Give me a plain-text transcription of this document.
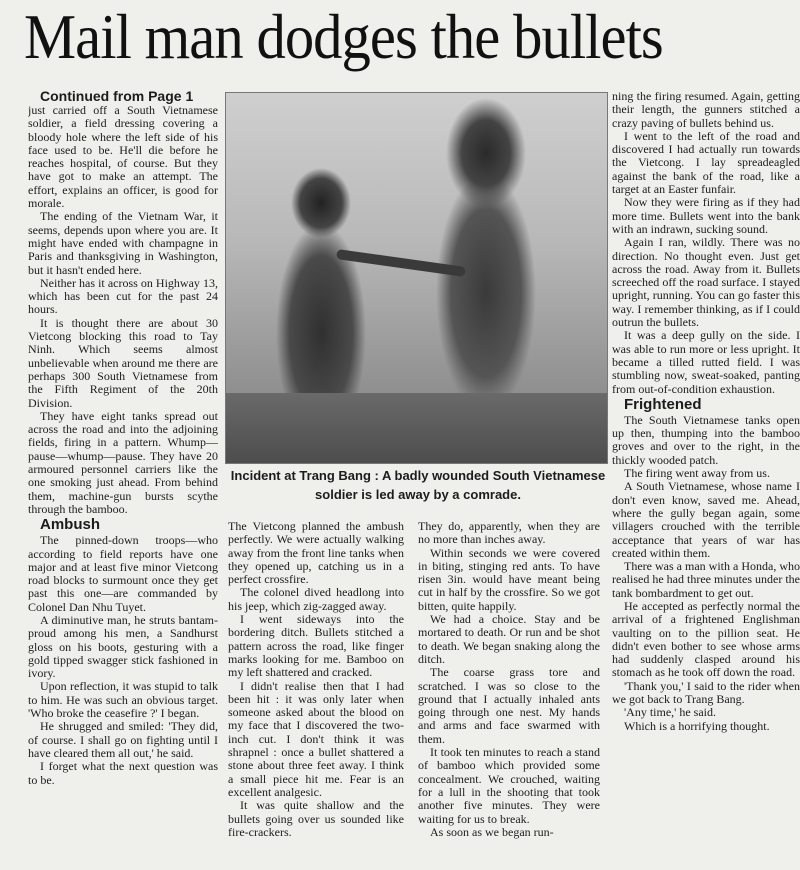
Mail man dodges the bullets

Continued from Page 1

just carried off a South Vietnamese soldier, a field dressing covering a bloody hole where the left side of his face used to be. He'll die before he reaches hospital, of course. But they have got to make an attempt. The effort, explains an officer, is good for morale.

The ending of the Vietnam War, it seems, depends upon where you are. It might have ended with champagne in Paris and thanksgiving in Washington, but it hasn't ended here.

Neither has it across on Highway 13, which has been cut for the past 24 hours.

It is thought there are about 30 Vietcong blocking this road to Tay Ninh. Which seems almost unbelievable when around me there are perhaps 300 South Vietnamese from the Fifth Regiment of the 20th Division.

They have eight tanks spread out across the road and into the adjoining fields, firing in a pattern. Whump—pause—whump—pause. They have 20 armoured personnel carriers like the one smoking just ahead. From behind them, machine-gun bursts scythe through the bamboo.

Ambush

The pinned-down troops—who according to field reports have one major and at least five minor Vietcong road blocks to surmount once they get past this one—are commanded by Colonel Dan Nhu Tuyet.

A diminutive man, he struts bantam-proud among his men, a Sandhurst gloss on his boots, gesturing with a gold tipped swagger stick fashioned in ivory.

Upon reflection, it was stupid to talk to him. He was such an obvious target. 'Who broke the ceasefire ?' I began.

He shrugged and smiled: 'They did, of course. I shall go on fighting until I have cleared them all out,' he said.

I forget what the next question was to be.

Incident at Trang Bang : A badly wounded South Vietnamese soldier is led away by a comrade.

The Vietcong planned the ambush perfectly. We were actually walking away from the front line tanks when they opened up, catching us in a perfect crossfire.

The colonel dived headlong into his jeep, which zig-zagged away.

I went sideways into the bordering ditch. Bullets stitched a pattern across the road, like finger marks looking for me. Bamboo on my left shattered and cracked.

I didn't realise then that I had been hit : it was only later when someone asked about the blood on my face that I discovered the two-inch cut. I don't think it was shrapnel : once a bullet shattered a stone about three feet away. I think a small piece hit me. Fear is an excellent analgesic.

It was quite shallow and the bullets going over us sounded like fire-crackers.

They do, apparently, when they are no more than inches away.

Within seconds we were covered in biting, stinging red ants. To have risen 3in. would have meant being cut in half by the crossfire. So we got bitten, quite happily.

We had a choice. Stay and be mortared to death. Or run and be shot to death. We began snaking along the ditch.

The coarse grass tore and scratched. I was so close to the ground that I actually inhaled ants going through one nest. My hands and arms and face swarmed with them.

It took ten minutes to reach a stand of bamboo which provided some concealment. We crouched, waiting for a lull in the shooting that took another five minutes. They were waiting for us to break.

As soon as we began run-

ning the firing resumed. Again, getting their length, the gunners stitched a crazy paving of bullets behind us.

I went to the left of the road and discovered I had actually run towards the Vietcong. I lay spreadeagled against the bank of the road, like a target at an Easter funfair.

Now they were firing as if they had more time. Bullets went into the bank with an indrawn, sucking sound.

Again I ran, wildly. There was no direction. No thought even. Just get across the road. Away from it. Bullets screeched off the road surface. I stayed upright, running. You can go faster this way. I remember thinking, as if I could outrun the bullets.

It was a deep gully on the side. I was able to run more or less upright. It became a tilled rutted field. I was stumbling now, sweat-soaked, panting from out-of-condition exhaustion.

Frightened

The South Vietnamese tanks open up then, thumping into the bamboo groves and over to the right, in the thickly wooded patch.

The firing went away from us.

A South Vietnamese, whose name I don't even know, saved me. Ahead, where the gully began again, some villagers crouched with the terrible acceptance that years of war has created within them.

There was a man with a Honda, who realised he had three minutes under the tank bombardment to get out.

He accepted as perfectly normal the arrival of a frightened Englishman vaulting on to the pillion seat. He didn't even bother to see whose arms had suddenly clasped around his stomach as he took off down the road.

'Thank you,' I said to the rider when we got back to Trang Bang.

'Any time,' he said.

Which is a horrifying thought.
